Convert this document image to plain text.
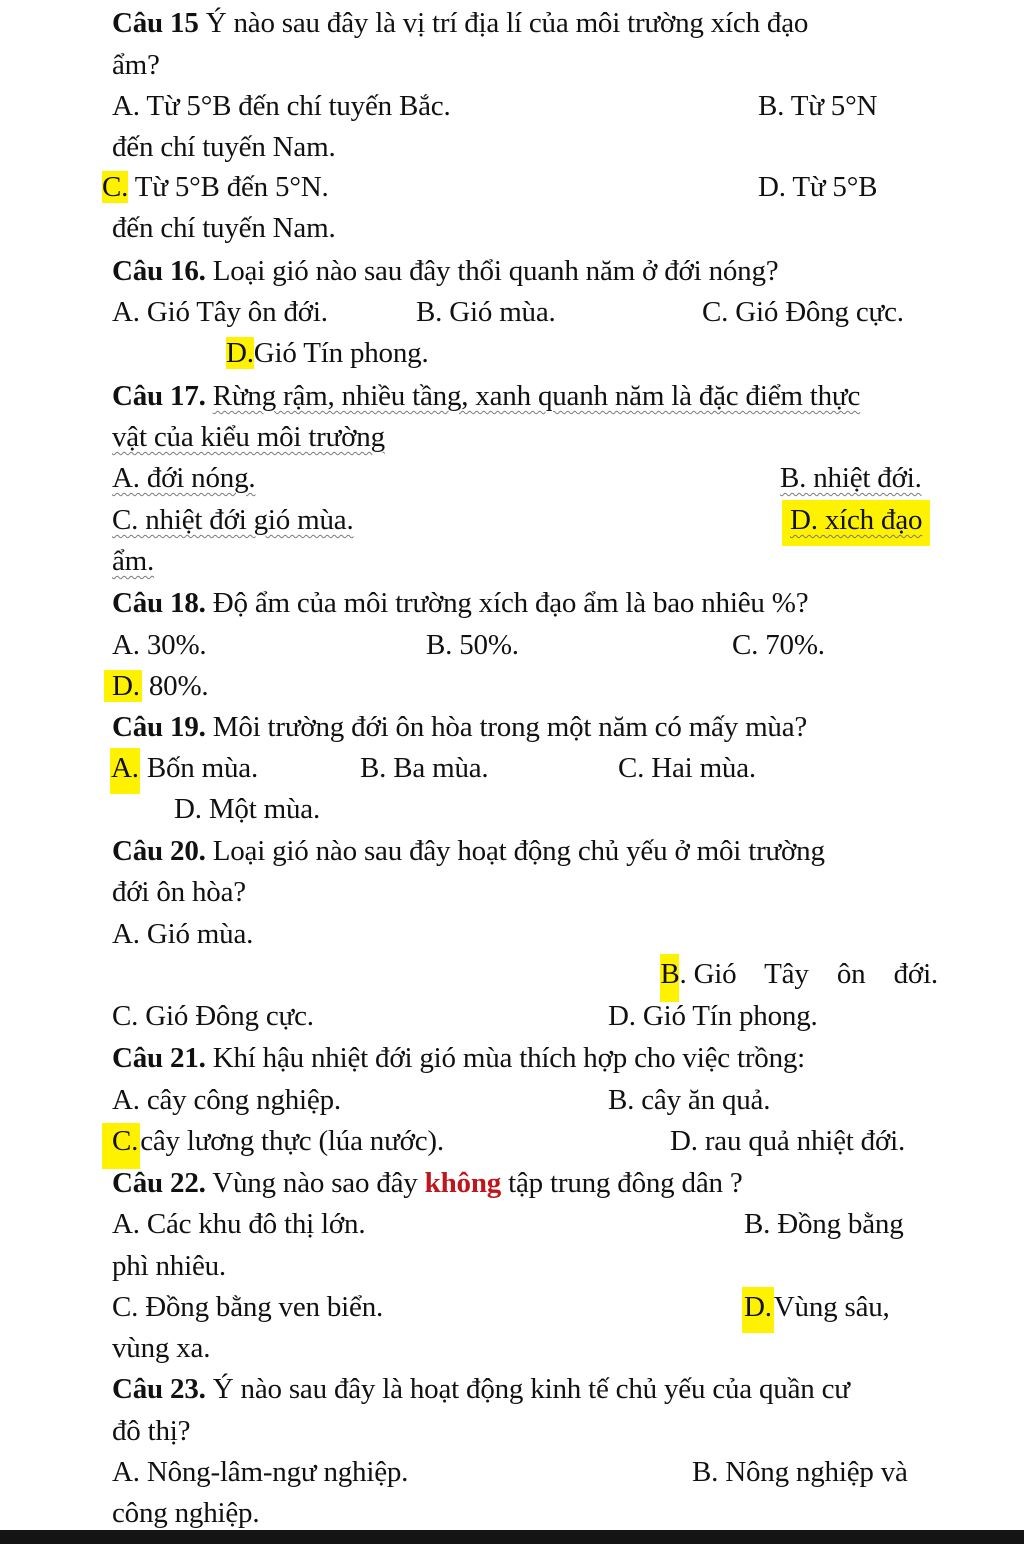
Câu 15 Ý nào sau đây là vị trí địa lí của môi trường xích đạo
ẩm?
A. Từ 5°B đến chí tuyến Bắc.	B. Từ 5°N
đến chí tuyến Nam.
C. Từ 5°B đến 5°N.	D. Từ 5°B
đến chí tuyến Nam.
Câu 16. Loại gió nào sau đây thổi quanh năm ở đới nóng?
A. Gió Tây ôn đới.	B. Gió mùa.	C. Gió Đông cực.
D.Gió Tín phong.
Câu 17. Rừng rậm, nhiều tầng, xanh quanh năm là đặc điểm thực
vật của kiểu môi trường
A. đới nóng.	B. nhiệt đới.
C. nhiệt đới gió mùa.	D. xích đạo
ẩm.
Câu 18. Độ ẩm của môi trường xích đạo ẩm là bao nhiêu %?
A. 30%.	B. 50%.	C. 70%.
D. 80%.
Câu 19. Môi trường đới ôn hòa trong một năm có mấy mùa?
A. Bốn mùa.	B. Ba mùa.	C. Hai mùa.
D. Một mùa.
Câu 20. Loại gió nào sau đây hoạt động chủ yếu ở môi trường
đới ôn hòa?
A. Gió mùa.

B. Gió    Tây    ôn    đới.

C. Gió Đông cực.	D. Gió Tín phong.
Câu 21. Khí hậu nhiệt đới gió mùa thích hợp cho việc trồng:
A. cây công nghiệp.	B. cây ăn quả.
C.cây lương thực (lúa nước).	D. rau quả nhiệt đới.
Câu 22. Vùng nào sao đây không tập trung đông dân ?
A. Các khu đô thị lớn.	B. Đồng bằng
phì nhiêu.
C. Đồng bằng ven biển.	D.Vùng sâu,
vùng xa.
Câu 23. Ý nào sau đây là hoạt động kinh tế chủ yếu của quần cư
đô thị?
A. Nông-lâm-ngư nghiệp.	B. Nông nghiệp và
công nghiệp.
